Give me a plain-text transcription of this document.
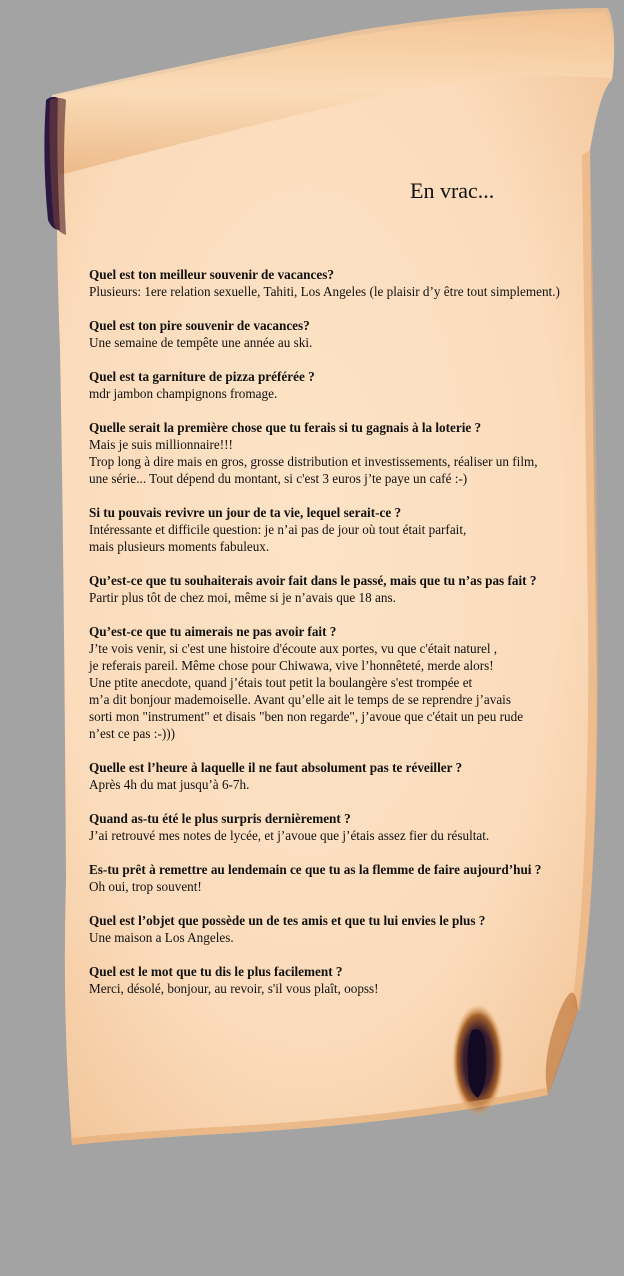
En vrac...
Quel est ton meilleur souvenir de vacances?
Plusieurs: 1ere relation sexuelle, Tahiti, Los Angeles (le plaisir d’y être tout simplement.)
Quel est ton pire souvenir de vacances?
Une semaine de tempête une année au ski.
Quel est ta garniture de pizza préférée ?
mdr jambon champignons fromage.
Quelle serait la première chose que tu ferais si tu gagnais à la loterie ?
Mais je suis millionnaire!!!
Trop long à dire mais en gros, grosse distribution et investissements, réaliser un film,
une série... Tout dépend du montant, si c'est 3 euros j’te paye un café :-)
Si tu pouvais revivre un jour de ta vie, lequel serait-ce ?
Intéressante et difficile question: je n’ai pas de jour où tout était parfait,
mais plusieurs moments fabuleux.
Qu’est-ce que tu souhaiterais avoir fait dans le passé, mais que tu n’as pas fait ?
Partir plus tôt de chez moi, même si je n’avais que 18 ans.
Qu’est-ce que tu aimerais ne pas avoir fait ?
J’te vois venir, si c'est une histoire d'écoute aux portes, vu que c'était naturel ,
je referais pareil. Même chose pour Chiwawa, vive l’honnêteté, merde alors!
Une ptite anecdote, quand j’étais tout petit la boulangère s'est trompée et
m’a dit bonjour mademoiselle. Avant qu’elle ait le temps de se reprendre j’avais
sorti mon "instrument" et disais "ben non regarde", j’avoue que c'était un peu rude
n’est ce pas :-)))
Quelle est l’heure à laquelle il ne faut absolument pas te réveiller ?
Après 4h du mat jusqu’à 6-7h.
Quand as-tu été le plus surpris dernièrement ?
J’ai retrouvé mes notes de lycée, et j’avoue que j’étais assez fier du résultat.
Es-tu prêt à remettre au lendemain ce que tu as la flemme de faire aujourd’hui ?
Oh oui, trop souvent!
Quel est l’objet que possède un de tes amis et que tu lui envies le plus ?
Une maison a Los Angeles.
Quel est le mot que tu dis le plus facilement ?
Merci, désolé, bonjour, au revoir, s'il vous plaît, oopss!
